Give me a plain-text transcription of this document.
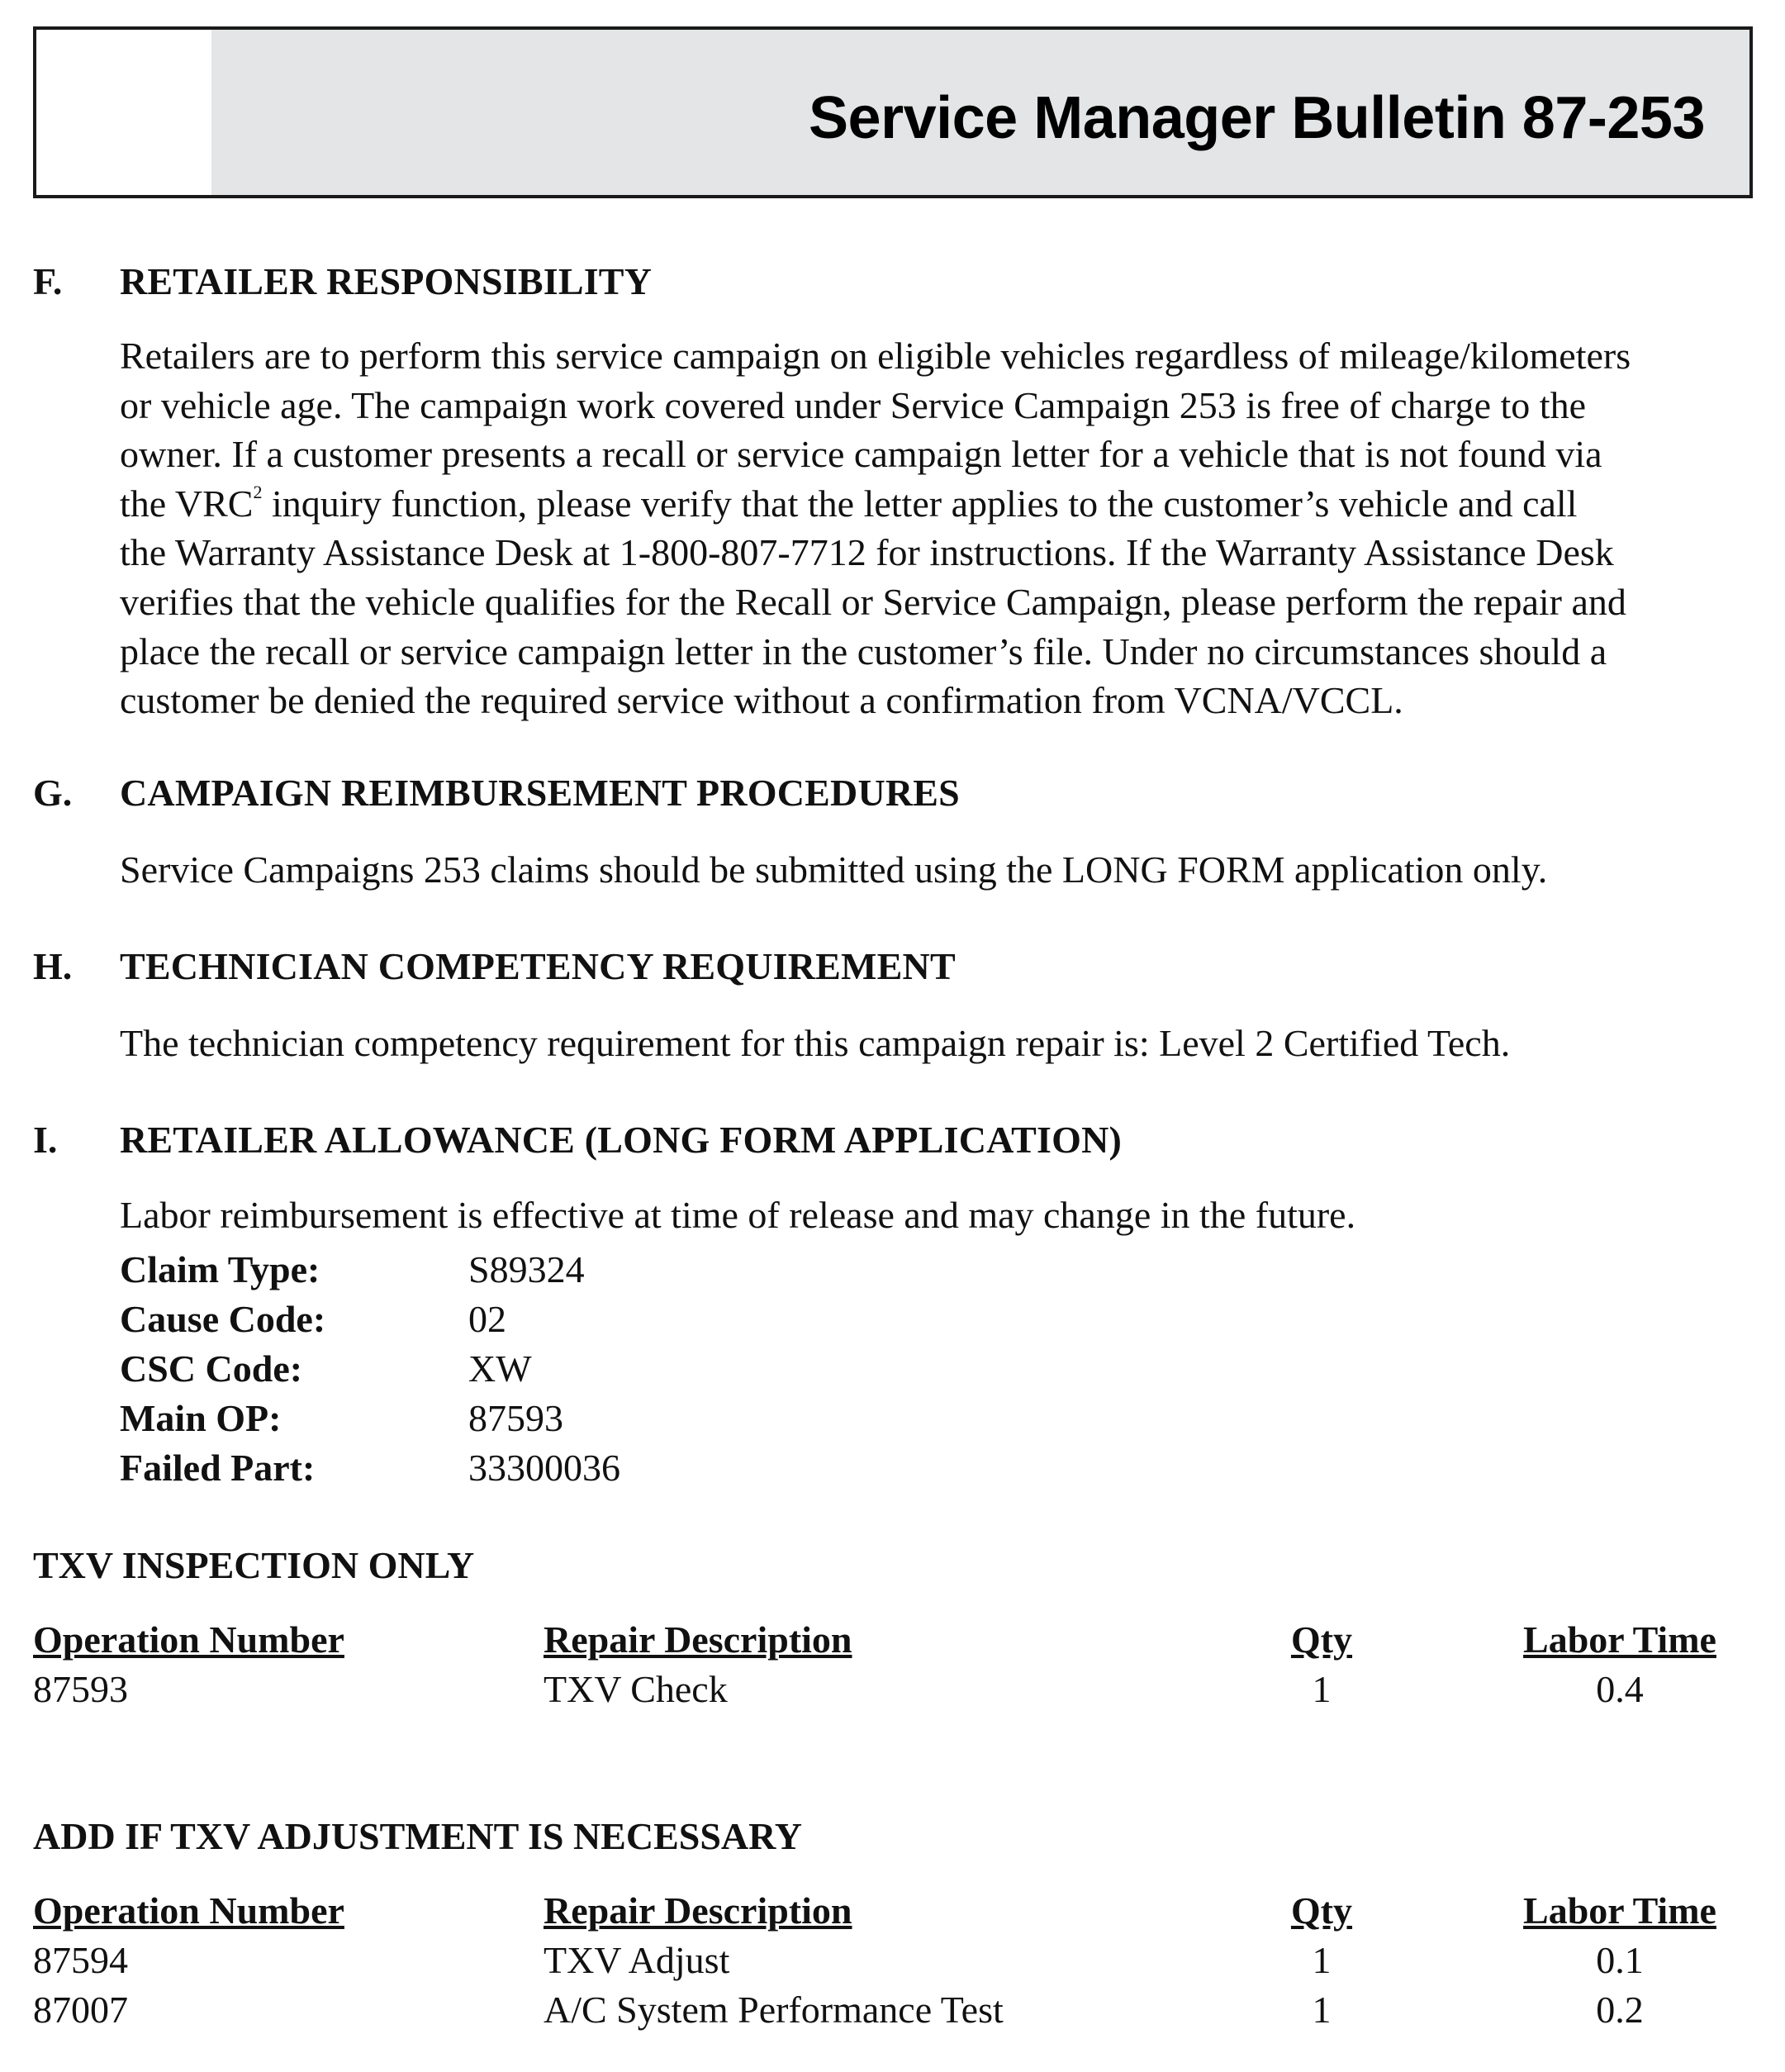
Service Manager Bulletin 87-253
F. RETAILER RESPONSIBILITY
Retailers are to perform this service campaign on eligible vehicles regardless of mileage/kilometers
or vehicle age. The campaign work covered under Service Campaign 253 is free of charge to the
owner. If a customer presents a recall or service campaign letter for a vehicle that is not found via
the VRC$^2$ inquiry function, please verify that the letter applies to the customer’s vehicle and call
the Warranty Assistance Desk at 1-800-807-7712 for instructions. If the Warranty Assistance Desk
verifies that the vehicle qualifies for the Recall or Service Campaign, please perform the repair and
place the recall or service campaign letter in the customer’s file. Under no circumstances should a
customer be denied the required service without a confirmation from VCNA/VCCL.
G. CAMPAIGN REIMBURSEMENT PROCEDURES
Service Campaigns 253 claims should be submitted using the LONG FORM application only.
H. TECHNICIAN COMPETENCY REQUIREMENT
The technician competency requirement for this campaign repair is: Level 2 Certified Tech.
I. RETAILER ALLOWANCE (LONG FORM APPLICATION)
Labor reimbursement is effective at time of release and may change in the future.
Claim Type:	S89324
Cause Code:	02
CSC Code:	XW
Main OP:	87593
Failed Part:	33300036
TXV INSPECTION ONLY
Operation Number	Repair Description	Qty	Labor Time
87593	TXV Check	1	0.4
ADD IF TXV ADJUSTMENT IS NECESSARY
Operation Number	Repair Description	Qty	Labor Time
87594	TXV Adjust	1	0.1
87007	A/C System Performance Test	1	0.2
